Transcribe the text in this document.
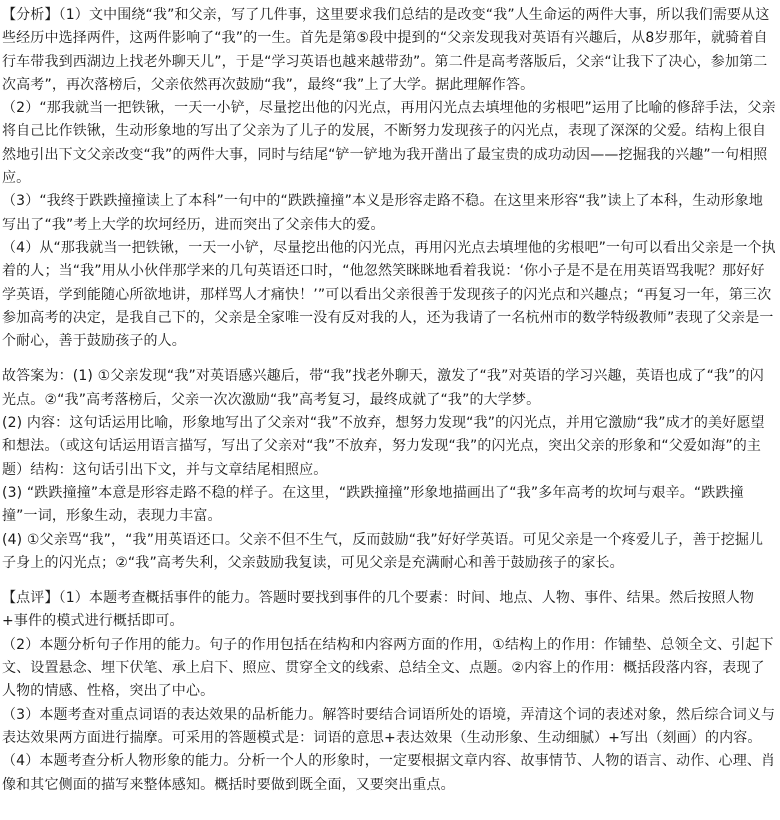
【分析】（1）文中围绕“我”和父亲，写了几件事，这里要求我们总结的是改变“我”人生命运的两件大事，所以我们需要从这些经历中选择两件，这两件影响了“我”的一生。首先是第⑤段中提到的“父亲发现我对英语有兴趣后，从8岁那年，就骑着自行车带我到西湖边上找老外聊天儿”，于是“学习英语也越来越带劲”。第二件是高考落版后，父亲“让我下了决心，参加第二次高考”，再次落榜后，父亲依然再次鼓励“我”，最终“我”上了大学。据此理解作答。

（2）“那我就当一把铁锹，一天一小铲，尽量挖出他的闪光点，再用闪光点去填埋他的劣根吧”运用了比喻的修辞手法，父亲将自己比作铁锹，生动形象地的写出了父亲为了儿子的发展，不断努力发现孩子的闪光点，表现了深深的父爱。结构上很自然地引出下文父亲改变“我”的两件大事，同时与结尾“铲一铲地为我开凿出了最宝贵的成功动因——挖掘我的兴趣”一句相照应。

（3）“我终于跌跌撞撞读上了本科”一句中的“跌跌撞撞”本义是形容走路不稳。在这里来形容“我”读上了本科，生动形象地写出了“我”考上大学的坎坷经历，进而突出了父亲伟大的爱。

（4）从“那我就当一把铁锹，一天一小铲，尽量挖出他的闪光点，再用闪光点去填埋他的劣根吧”一句可以看出父亲是一个执着的人；当“我”用从小伙伴那学来的几句英语还口时，“他忽然笑眯眯地看着我说：‘你小子是不是在用英语骂我呢？那好好学英语，学到能随心所欲地讲，那样骂人才痛快！’”可以看出父亲很善于发现孩子的闪光点和兴趣点；“再复习一年，第三次参加高考的决定，是我自己下的，父亲是全家唯一没有反对我的人，还为我请了一名杭州市的数学特级教师”表现了父亲是一个耐心，善于鼓励孩子的人。

故答案为：(1) ①父亲发现“我”对英语感兴趣后，带“我”找老外聊天，激发了“我”对英语的学习兴趣，英语也成了“我”的闪光点。②“我”高考落榜后，父亲一次次激励“我”高考复习，最终成就了“我”的大学梦。

(2) 内容：这句话运用比喻，形象地写出了父亲对“我”不放弃，想努力发现“我”的闪光点，并用它激励“我”成才的美好愿望和想法。（或这句话运用语言描写，写出了父亲对“我”不放弃，努力发现“我”的闪光点，突出父亲的形象和“父爱如海”的主题）结构：这句话引出下文，并与文章结尾相照应。

(3) “跌跌撞撞”本意是形容走路不稳的样子。在这里，“跌跌撞撞”形象地描画出了“我”多年高考的坎坷与艰辛。“跌跌撞撞”一词，形象生动，表现力丰富。

(4) ①父亲骂“我”，“我”用英语还口。父亲不但不生气，反而鼓励“我”好好学英语。可见父亲是一个疼爱儿子，善于挖掘儿子身上的闪光点；②“我”高考失利，父亲鼓励我复读，可见父亲是充满耐心和善于鼓励孩子的家长。

【点评】（1）本题考查概括事件的能力。答题时要找到事件的几个要素：时间、地点、人物、事件、结果。然后按照人物+事件的模式进行概括即可。

（2）本题分析句子作用的能力。句子的作用包括在结构和内容两方面的作用，①结构上的作用：作铺垫、总领全文、引起下文、设置悬念、埋下伏笔、承上启下、照应、贯穿全文的线索、总结全文、点题。②内容上的作用：概括段落内容，表现了人物的情感、性格，突出了中心。

（3）本题考查对重点词语的表达效果的品析能力。解答时要结合词语所处的语境，弄清这个词的表述对象，然后综合词义与表达效果两方面进行揣摩。可采用的答题模式是：词语的意思+表达效果（生动形象、生动细腻）+写出（刻画）的内容。

（4）本题考查分析人物形象的能力。分析一个人的形象时，一定要根据文章内容、故事情节、人物的语言、动作、心理、肖像和其它侧面的描写来整体感知。概括时要做到既全面，又要突出重点。
